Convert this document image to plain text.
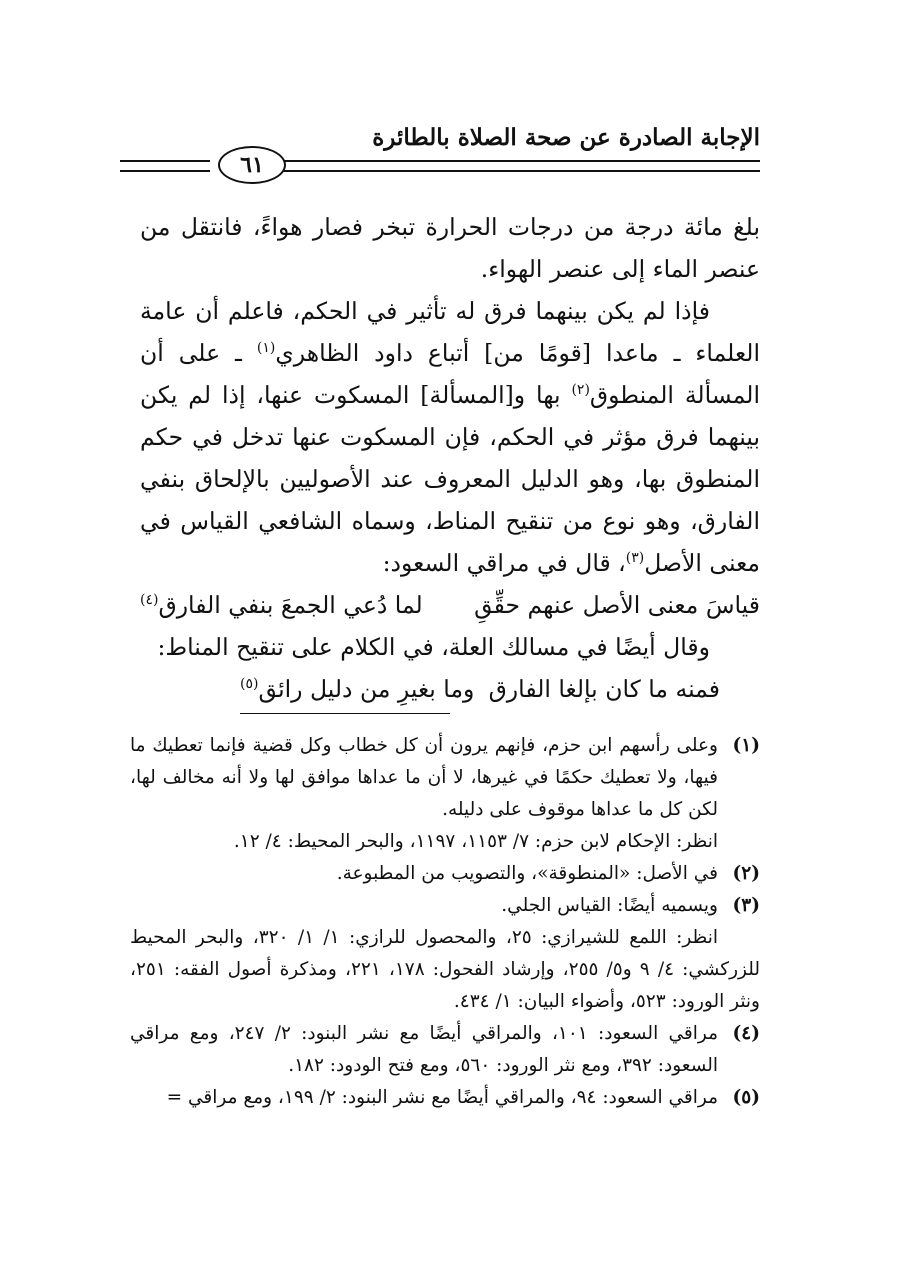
الإجابة الصادرة عن صحة الصلاة بالطائرة
٦١

بلغ مائة درجة من درجات الحرارة تبخر فصار هواءً، فانتقل من عنصر الماء إلى عنصر الهواء.

فإذا لم يكن بينهما فرق له تأثير في الحكم، فاعلم أن عامة العلماء ـ ماعدا [قومًا من] أتباع داود الظاهري$^{(١)}$ ـ على أن المسألة المنطوق$^{(٢)}$ بها و[المسألة] المسكوت عنها، إذا لم يكن بينهما فرق مؤثر في الحكم، فإن المسكوت عنها تدخل في حكم المنطوق بها، وهو الدليل المعروف عند الأصوليين بالإلحاق بنفي الفارق، وهو نوع من تنقيح المناط، وسماه الشافعي القياس في معنى الأصل$^{(٣)}$، قال في مراقي السعود:

قياسَ معنى الأصل عنهم حقِّقِ
لما دُعي الجمعَ بنفي الفارق$^{(٤)}$

وقال أيضًا في مسالك العلة، في الكلام على تنقيح المناط:

فمنه ما كان بإلغا الفارق
وما بغيرِ من دليل رائق$^{(٥)}$
(١)
وعلى رأسهم ابن حزم، فإنهم يرون أن كل خطاب وكل قضية فإنما تعطيك ما فيها، ولا تعطيك حكمًا في غيرها، لا أن ما عداها موافق لها ولا أنه مخالف لها، لكن كل ما عداها موقوف على دليله.
انظر: الإحكام لابن حزم: ٧/ ١١٥٣، ١١٩٧، والبحر المحيط: ٤/ ١٢.
(٢)
في الأصل: «المنطوقة»، والتصويب من المطبوعة.
(٣)
ويسميه أيضًا: القياس الجلي.
انظر: اللمع للشيرازي: ٢٥، والمحصول للرازي: ١/ ١/ ٣٢٠، والبحر المحيط للزركشي: ٤/ ٩ و٥/ ٢٥٥، وإرشاد الفحول: ١٧٨، ٢٢١، ومذكرة أصول الفقه: ٢٥١، ونثر الورود: ٥٢٣، وأضواء البيان: ١/ ٤٣٤.
(٤)
مراقي السعود: ١٠١، والمراقي أيضًا مع نشر البنود: ٢/ ٢٤٧، ومع مراقي السعود: ٣٩٢، ومع نثر الورود: ٥٦٠، ومع فتح الودود: ١٨٢.
(٥)
مراقي السعود: ٩٤، والمراقي أيضًا مع نشر البنود: ٢/ ١٩٩، ومع مراقي =
